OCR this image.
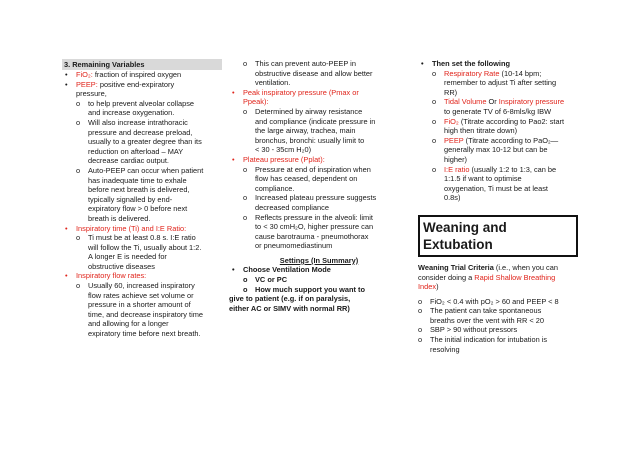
3. Remaining Variables
• FiO₂: fraction of inspired oxygen
• PEEP: positive end-expiratory
pressure,
o to help prevent alveolar collapse
and increase oxygenation.
o Will also increase intrathoracic
pressure and decrease preload,
usually to a greater degree than its
reduction on afterload – MAY
decrease cardiac output.
o Auto-PEEP can occur when patient
has inadequate time to exhale
before next breath is delivered,
typically signalled by end-
expiratory flow > 0 before next
breath is delivered.
• Inspiratory time (Ti) and I:E Ratio:
o Ti must be at least 0.8 s. I:E ratio
will follow the Ti, usually about 1:2.
A longer E is needed for
obstructive diseases
• Inspiratory flow rates:
o Usually 60, increased inspiratory
flow rates achieve set volume or
pressure in a shorter amount of
time, and decrease inspiratory time
and allowing for a longer
expiratory time before next breath.
o This can prevent auto-PEEP in
obstructive disease and allow better
ventilation.
• Peak inspiratory pressure (Pmax or
Ppeak):
o Determined by airway resistance
and compliance (indicate pressure in
the large airway, trachea, main
bronchus, bronchi: usually limit to
< 30 - 35cm H₂0)
• Plateau pressure (Pplat):
o Pressure at end of inspiration when
flow has ceased, dependent on
compliance.
o Increased plateau pressure suggests
decreased compliance
o Reflects pressure in the alveoli: limit
to < 30 cmH₂O, higher pressure can
cause barotrauma - pneumothorax
or pneumomediastinum
Settings (In Summary)
• Choose Ventilation Mode
o VC or PC
o How much support you want to
give to patient (e.g. if on paralysis,
either AC or SIMV with normal RR)
• Then set the following
o Respiratory Rate (10-14 bpm;
remember to adjust Ti after setting
RR)
o Tidal Volume Or Inspiratory pressure
to generate TV of 6-8mls/kg IBW
o FiO₂ (Titrate according to Pao2: start
high then titrate down)
o PEEP (Titrate according to PaO₂—
generally max 10-12 but can be
higher)
o I:E ratio (usually 1:2 to 1:3, can be
1:1.5 if want to optimise
oxygenation, Ti must be at least
0.8s)
Weaning and Extubation
Weaning Trial Criteria (i.e., when you can
consider doing a Rapid Shallow Breathing
Index)
o FiO₂ < 0.4 with pO₂ > 60 and PEEP < 8
o The patient can take spontaneous
breaths over the vent with RR < 20
o SBP > 90 without pressors
o The initial indication for intubation is
resolving
